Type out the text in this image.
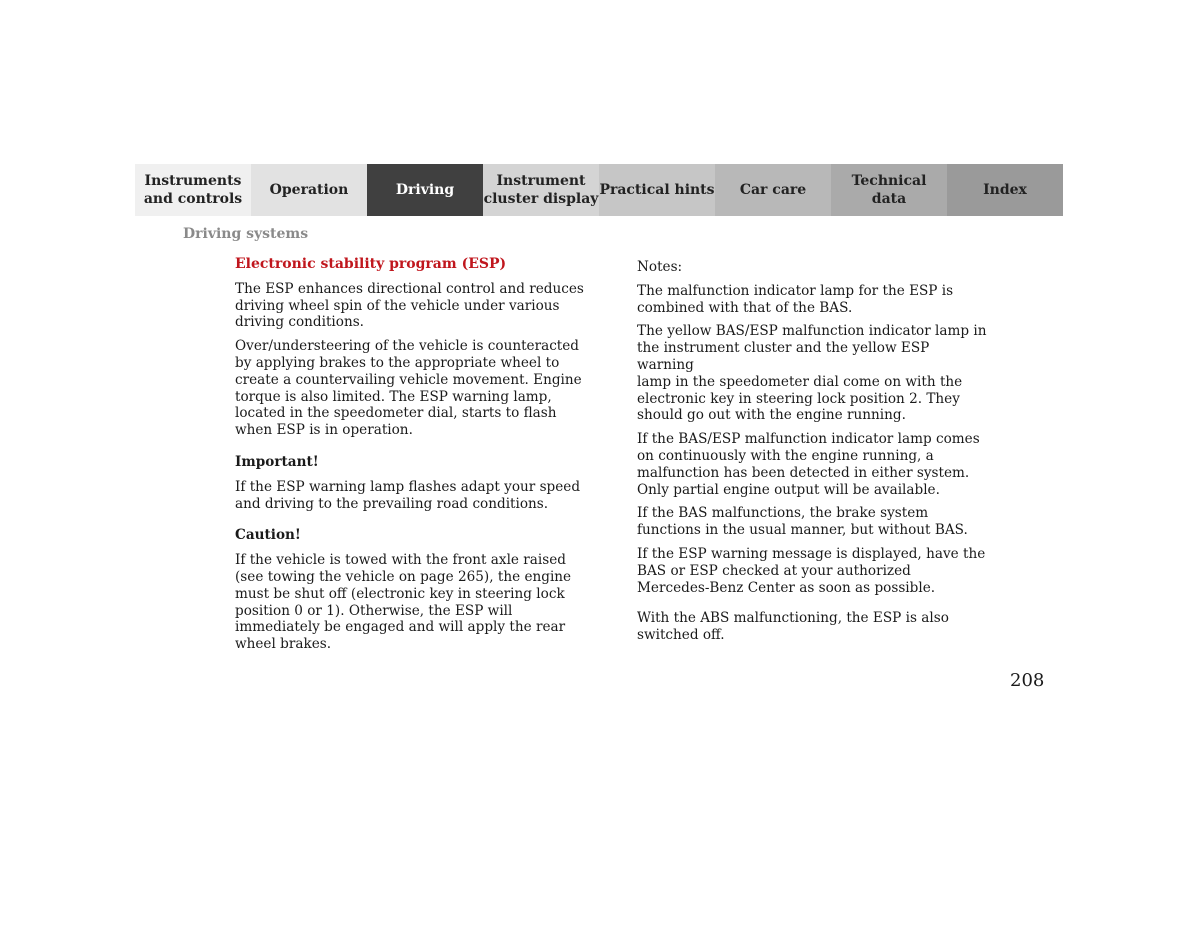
Instruments
and controls
Operation	Driving
Instrument
cluster display
Practical hints	Car care
Technical
data
Index
Driving systems
Electronic stability program (ESP)

The ESP enhances directional control and reduces driving wheel spin of the vehicle under various driving conditions.

Over/understeering of the vehicle is counteracted by applying brakes to the appropriate wheel to create a countervailing vehicle movement. Engine torque is also limited. The ESP warning lamp, located in the speedometer dial, starts to flash when ESP is in operation.

Important!

If the ESP warning lamp flashes adapt your speed
and driving to the prevailing road conditions.

Caution!

If the vehicle is towed with the front axle raised (see towing the vehicle on page 265), the engine must be shut off (electronic key in steering lock position 0 or 1). Otherwise, the ESP will immediately be engaged and will apply the rear wheel brakes.

Notes:

The malfunction indicator lamp for the ESP is combined with that of the BAS.

The yellow BAS/ESP malfunction indicator lamp in the instrument cluster and the yellow ESP warning
lamp in the speedometer dial come on with the electronic key in steering lock position 2. They should go out with the engine running.

If the BAS/ESP malfunction indicator lamp comes on continuously with the engine running, a malfunction has been detected in either system. Only partial engine output will be available.

If the BAS malfunctions, the brake system functions in the usual manner, but without BAS.

If the ESP warning message is displayed, have the BAS or ESP checked at your authorized Mercedes-Benz Center as soon as possible.

With the ABS malfunctioning, the ESP is also switched off.

208
